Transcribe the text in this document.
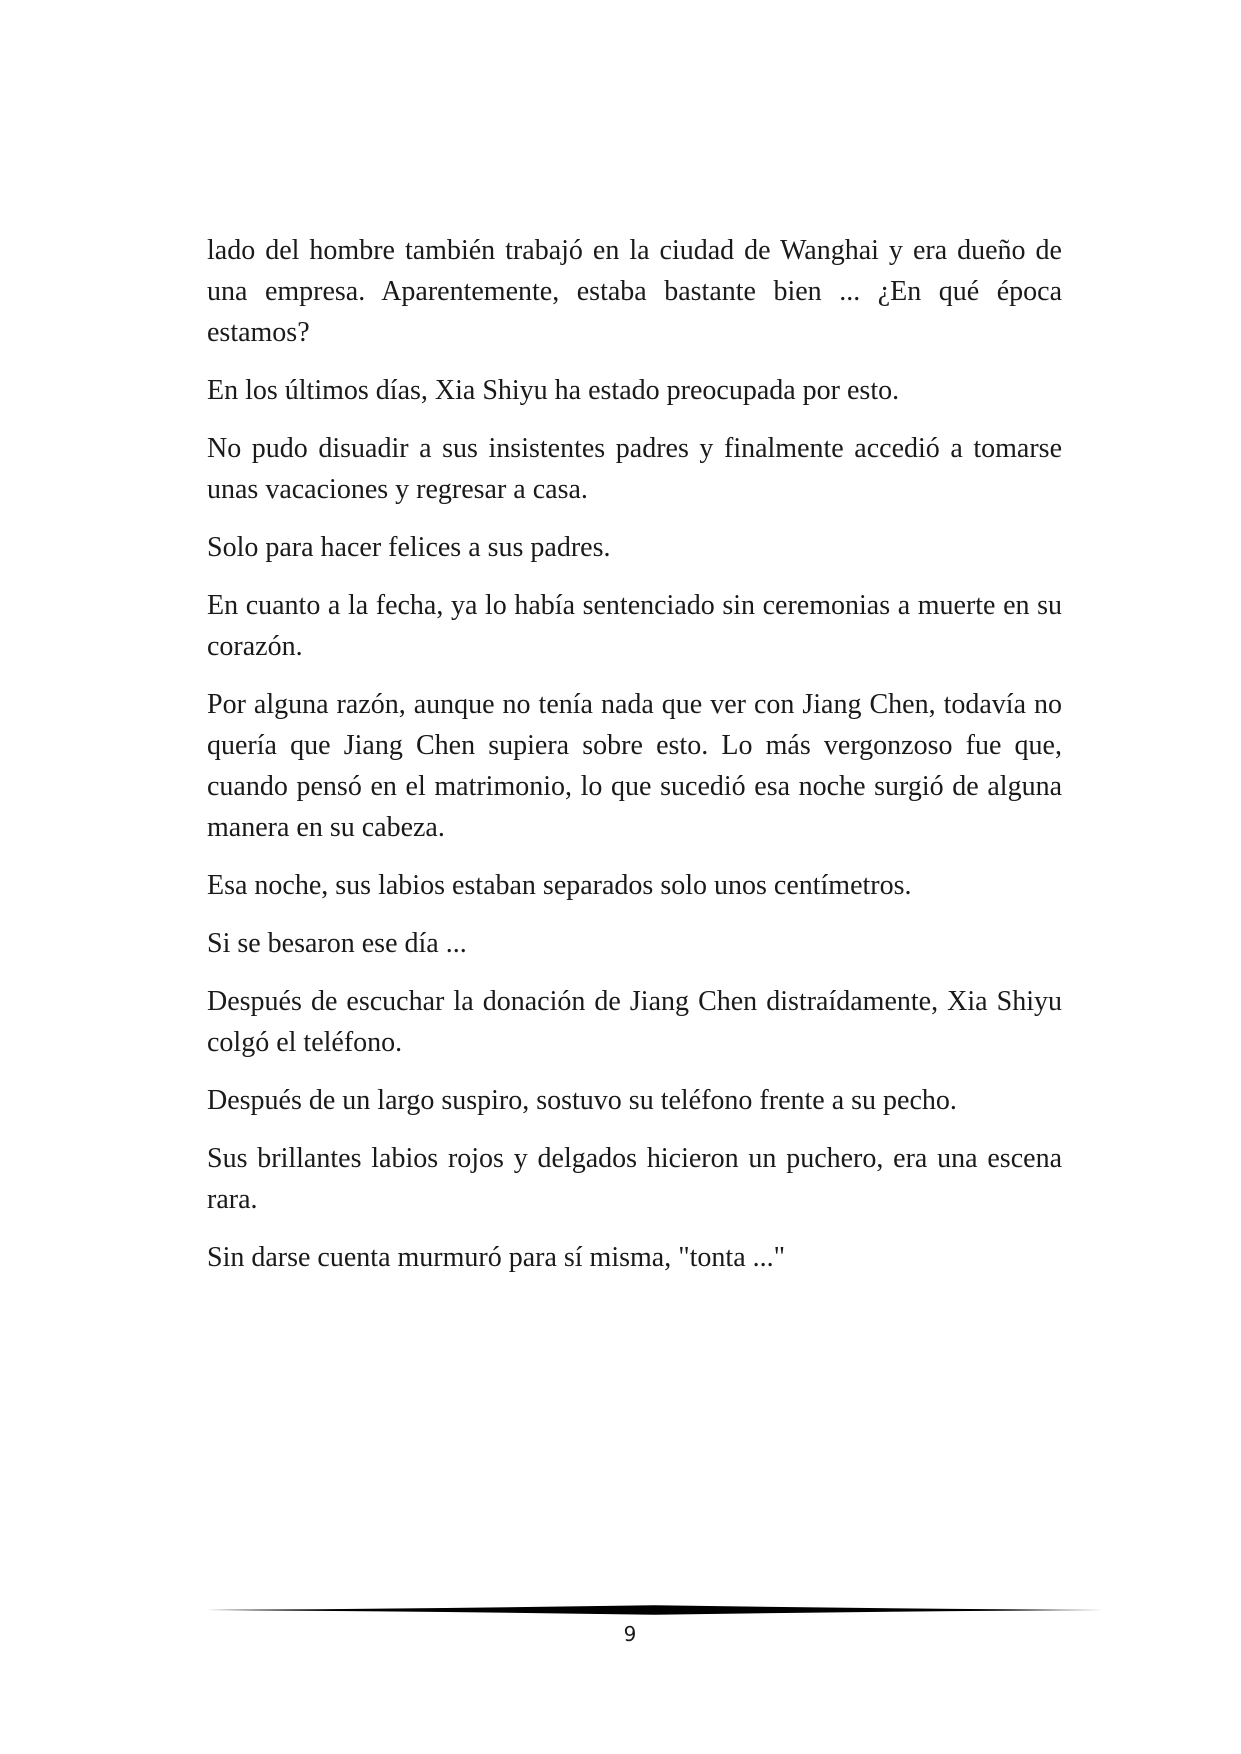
lado del hombre también trabajó en la ciudad de Wanghai y era dueño de una empresa. Aparentemente, estaba bastante bien ... ¿En qué época estamos?

En los últimos días, Xia Shiyu ha estado preocupada por esto.

No pudo disuadir a sus insistentes padres y finalmente accedió a tomarse unas vacaciones y regresar a casa.

Solo para hacer felices a sus padres.

En cuanto a la fecha, ya lo había sentenciado sin ceremonias a muerte en su corazón.

Por alguna razón, aunque no tenía nada que ver con Jiang Chen, todavía no quería que Jiang Chen supiera sobre esto. Lo más vergonzoso fue que, cuando pensó en el matrimonio, lo que sucedió esa noche surgió de alguna manera en su cabeza.

Esa noche, sus labios estaban separados solo unos centímetros.

Si se besaron ese día ...

Después de escuchar la donación de Jiang Chen distraídamente, Xia Shiyu colgó el teléfono.

Después de un largo suspiro, sostuvo su teléfono frente a su pecho.

Sus brillantes labios rojos y delgados hicieron un puchero, era una escena rara.

Sin darse cuenta murmuró para sí misma, "tonta ..."

9
